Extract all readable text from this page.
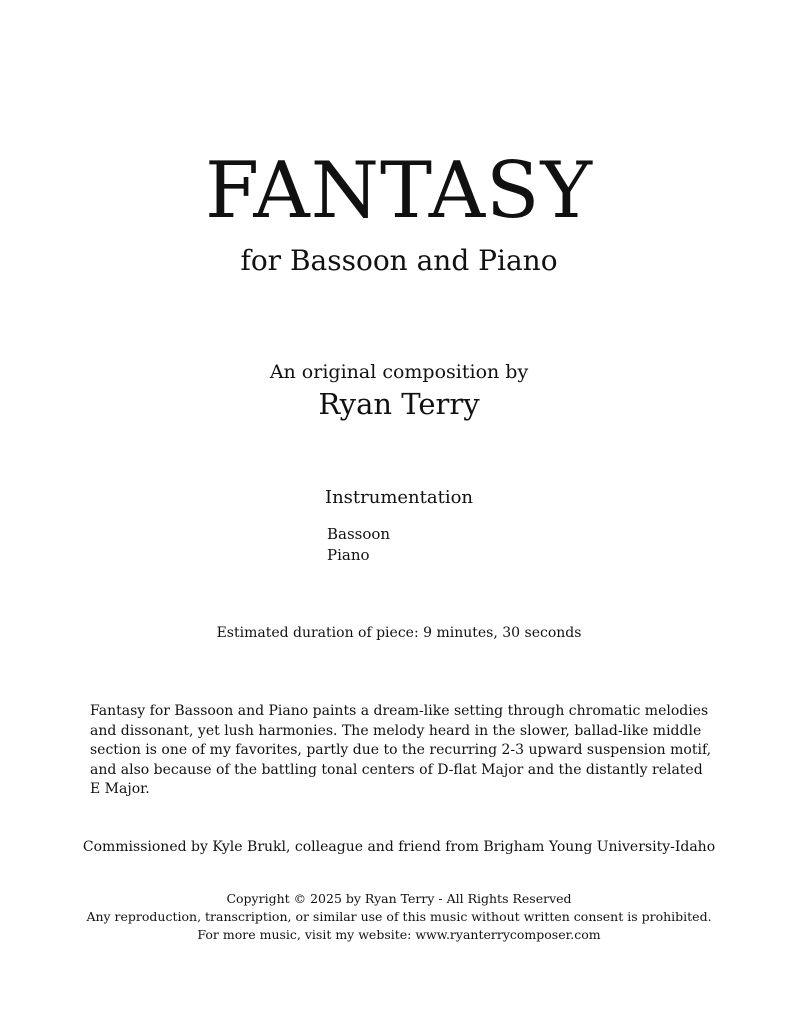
FANTASY
for Bassoon and Piano
An original composition by
Ryan Terry
Instrumentation
Bassoon
Piano
Estimated duration of piece: 9 minutes, 30 seconds

Fantasy for Bassoon and Piano paints a dream-like setting through chromatic melodies and dissonant, yet lush harmonies. The melody heard in the slower, ballad-like middle section is one of my favorites, partly due to the recurring 2-3 upward suspension motif, and also because of the battling tonal centers of D-flat Major and the distantly related E Major.

Commissioned by Kyle Brukl, colleague and friend from Brigham Young University-Idaho
Copyright © 2025 by Ryan Terry - All Rights Reserved
Any reproduction, transcription, or similar use of this music without written consent is prohibited.
For more music, visit my website: www.ryanterrycomposer.com
